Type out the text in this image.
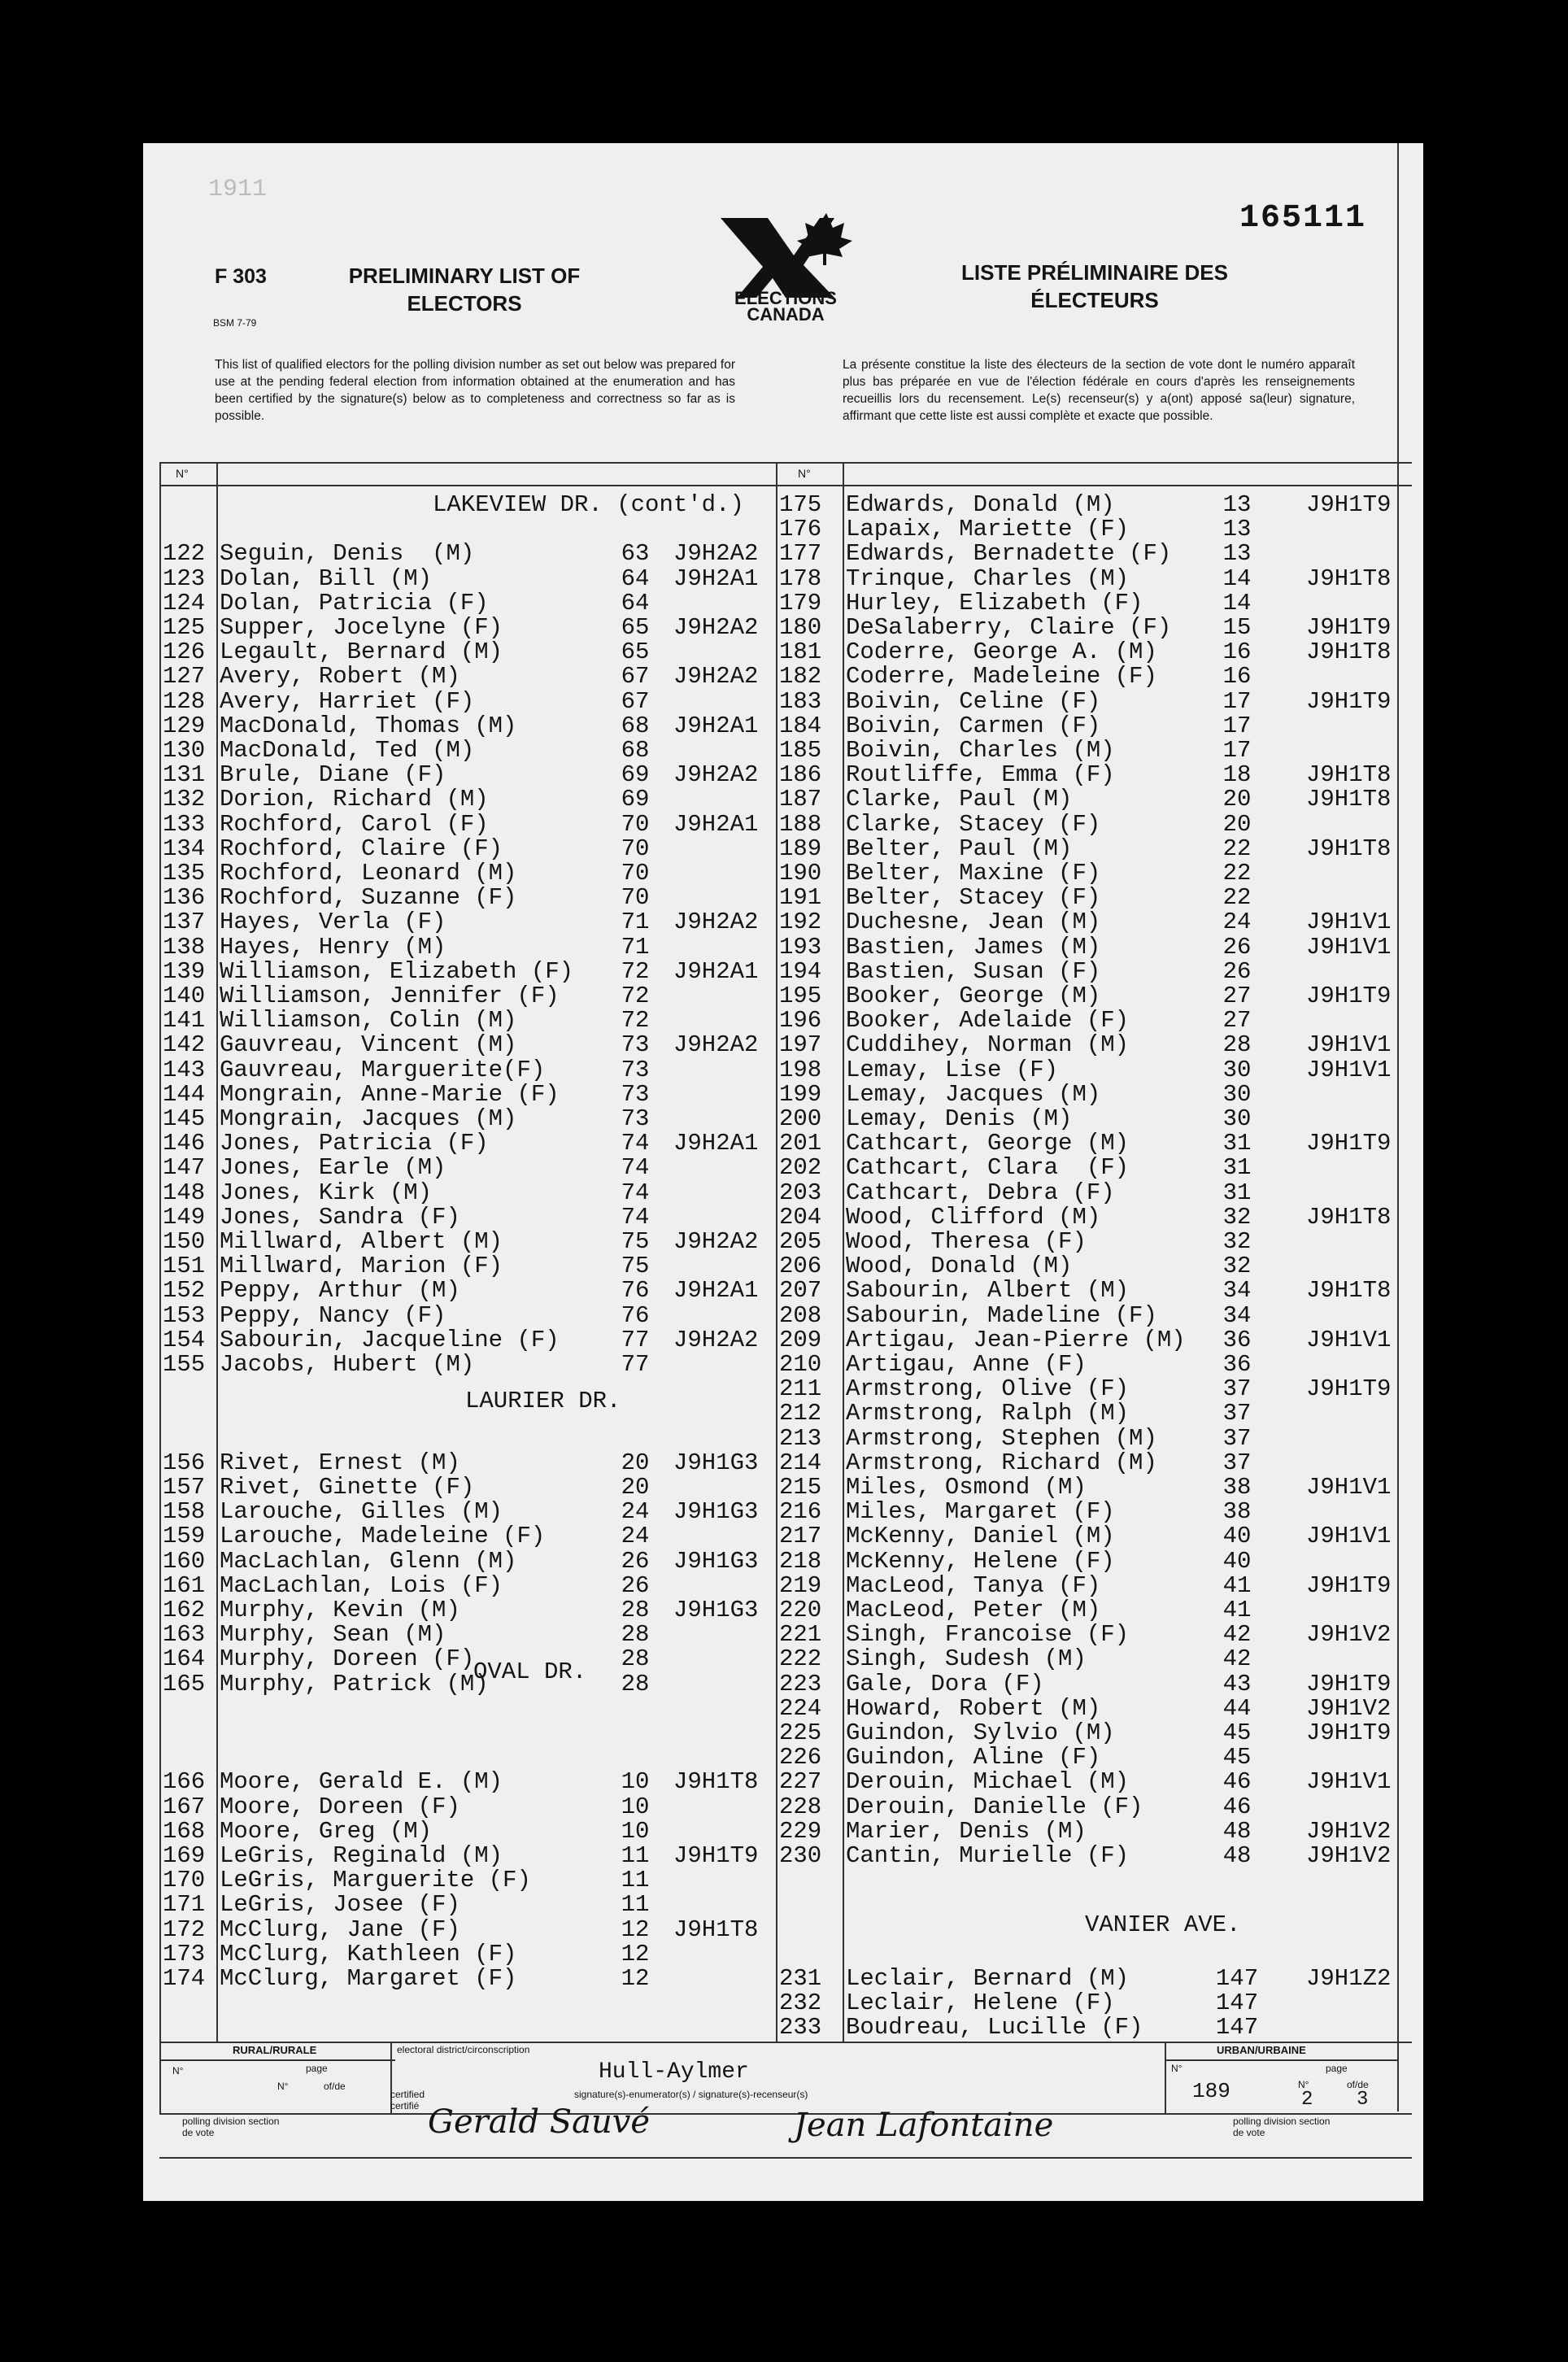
1911
165111
F 303
BSM 7-79
PRELIMINARY LIST OF ELECTORS
LISTE PRÉLIMINAIRE DES ÉLECTEURS
ELECTIONS
CANADA
This list of qualified electors for the polling division number as set out below was prepared for use at the pending federal election from information obtained at the enumeration and has been certified by the signature(s) below as to completeness and correctness so far as is possible.
La présente constitue la liste des électeurs de la section de vote dont le numéro apparaît plus bas préparée en vue de l'élection fédérale en cours d'après les renseignements recueillis lors du recensement. Le(s) recenseur(s) y a(ont) apposé sa(leur) signature, affirmant que cette liste est aussi complète et exacte que possible.
N°	N°
LAKEVIEW DR. (cont'd.)
LAURIER DR.
OVAL DR.
VANIER AVE.
122 Seguin, Denis  (M)	63	J9H2A2
123 Dolan, Bill (M)	64	J9H2A1
124 Dolan, Patricia (F)	64
125 Supper, Jocelyne (F)	65	J9H2A2
126 Legault, Bernard (M)	65
127 Avery, Robert (M)	67	J9H2A2
128 Avery, Harriet (F)	67
129 MacDonald, Thomas (M)	68	J9H2A1
130 MacDonald, Ted (M)	68
131 Brule, Diane (F)	69	J9H2A2
132 Dorion, Richard (M)	69
133 Rochford, Carol (F)	70	J9H2A1
134 Rochford, Claire (F)	70
135 Rochford, Leonard (M)	70
136 Rochford, Suzanne (F)	70
137 Hayes, Verla (F)	71	J9H2A2
138 Hayes, Henry (M)	71
139 Williamson, Elizabeth (F)	72	J9H2A1
140 Williamson, Jennifer (F)	72
141 Williamson, Colin (M)	72
142 Gauvreau, Vincent (M)	73	J9H2A2
143 Gauvreau, Marguerite(F)	73
144 Mongrain, Anne-Marie (F)	73
145 Mongrain, Jacques (M)	73
146 Jones, Patricia (F)	74	J9H2A1
147 Jones, Earle (M)	74
148 Jones, Kirk (M)	74
149 Jones, Sandra (F)	74
150 Millward, Albert (M)	75	J9H2A2
151 Millward, Marion (F)	75
152 Peppy, Arthur (M)	76	J9H2A1
153 Peppy, Nancy (F)	76
154 Sabourin, Jacqueline (F)	77	J9H2A2
155 Jacobs, Hubert (M)	77
156 Rivet, Ernest (M)	20	J9H1G3
157 Rivet, Ginette (F)	20
158 Larouche, Gilles (M)	24	J9H1G3
159 Larouche, Madeleine (F)	24
160 MacLachlan, Glenn (M)	26	J9H1G3
161 MacLachlan, Lois (F)	26
162 Murphy, Kevin (M)	28	J9H1G3
163 Murphy, Sean (M)	28
164 Murphy, Doreen (F)	28
165 Murphy, Patrick (M)	28
166 Moore, Gerald E. (M)	10	J9H1T8
167 Moore, Doreen (F)	10
168 Moore, Greg (M)	10
169 LeGris, Reginald (M)	11	J9H1T9
170 LeGris, Marguerite (F)	11
171 LeGris, Josee (F)	11
172 McClurg, Jane (F)	12	J9H1T8
173 McClurg, Kathleen (F)	12
174 McClurg, Margaret (F)	12
175 Edwards, Donald (M)	13	J9H1T9
176 Lapaix, Mariette (F)	13
177 Edwards, Bernadette (F)	13
178 Trinque, Charles (M)	14	J9H1T8
179 Hurley, Elizabeth (F)	14
180 DeSalaberry, Claire (F)	15	J9H1T9
181 Coderre, George A. (M)	16	J9H1T8
182 Coderre, Madeleine (F)	16
183 Boivin, Celine (F)	17	J9H1T9
184 Boivin, Carmen (F)	17
185 Boivin, Charles (M)	17
186 Routliffe, Emma (F)	18	J9H1T8
187 Clarke, Paul (M)	20	J9H1T8
188 Clarke, Stacey (F)	20
189 Belter, Paul (M)	22	J9H1T8
190 Belter, Maxine (F)	22
191 Belter, Stacey (F)	22
192 Duchesne, Jean (M)	24	J9H1V1
193 Bastien, James (M)	26	J9H1V1
194 Bastien, Susan (F)	26
195 Booker, George (M)	27	J9H1T9
196 Booker, Adelaide (F)	27
197 Cuddihey, Norman (M)	28	J9H1V1
198 Lemay, Lise (F)	30	J9H1V1
199 Lemay, Jacques (M)	30
200 Lemay, Denis (M)	30
201 Cathcart, George (M)	31	J9H1T9
202 Cathcart, Clara  (F)	31
203 Cathcart, Debra (F)	31
204 Wood, Clifford (M)	32	J9H1T8
205 Wood, Theresa (F)	32
206 Wood, Donald (M)	32
207 Sabourin, Albert (M)	34	J9H1T8
208 Sabourin, Madeline (F)	34
209 Artigau, Jean-Pierre (M)	36	J9H1V1
210 Artigau, Anne (F)	36
211 Armstrong, Olive (F)	37	J9H1T9
212 Armstrong, Ralph (M)	37
213 Armstrong, Stephen (M)	37
214 Armstrong, Richard (M)	37
215 Miles, Osmond (M)	38	J9H1V1
216 Miles, Margaret (F)	38
217 McKenny, Daniel (M)	40	J9H1V1
218 McKenny, Helene (F)	40
219 MacLeod, Tanya (F)	41	J9H1T9
220 MacLeod, Peter (M)	41
221 Singh, Francoise (F)	42	J9H1V2
222 Singh, Sudesh (M)	42
223 Gale, Dora (F)	43	J9H1T9
224 Howard, Robert (M)	44	J9H1V2
225 Guindon, Sylvio (M)	45	J9H1T9
226 Guindon, Aline (F)	45
227 Derouin, Michael (M)	46	J9H1V1
228 Derouin, Danielle (F)	46
229 Marier, Denis (M)	48	J9H1V2
230 Cantin, Murielle (F)	48	J9H1V2
231 Leclair, Bernard (M)	147	J9H1Z2
232 Leclair, Helene (F)	147
233 Boudreau, Lucille (F)	147
RURAL/RURALE	URBAN/URBAINE
N°	page
N°	of/de
polling division section de vote
electoral district/circonscription
Hull-Aylmer
certified certifié
signature(s)-enumerator(s) / signature(s)-recenseur(s)
Gerald Sauvé	Jean Lafontaine
N°
189
page
N°
2
of/de
3
polling division section de vote
